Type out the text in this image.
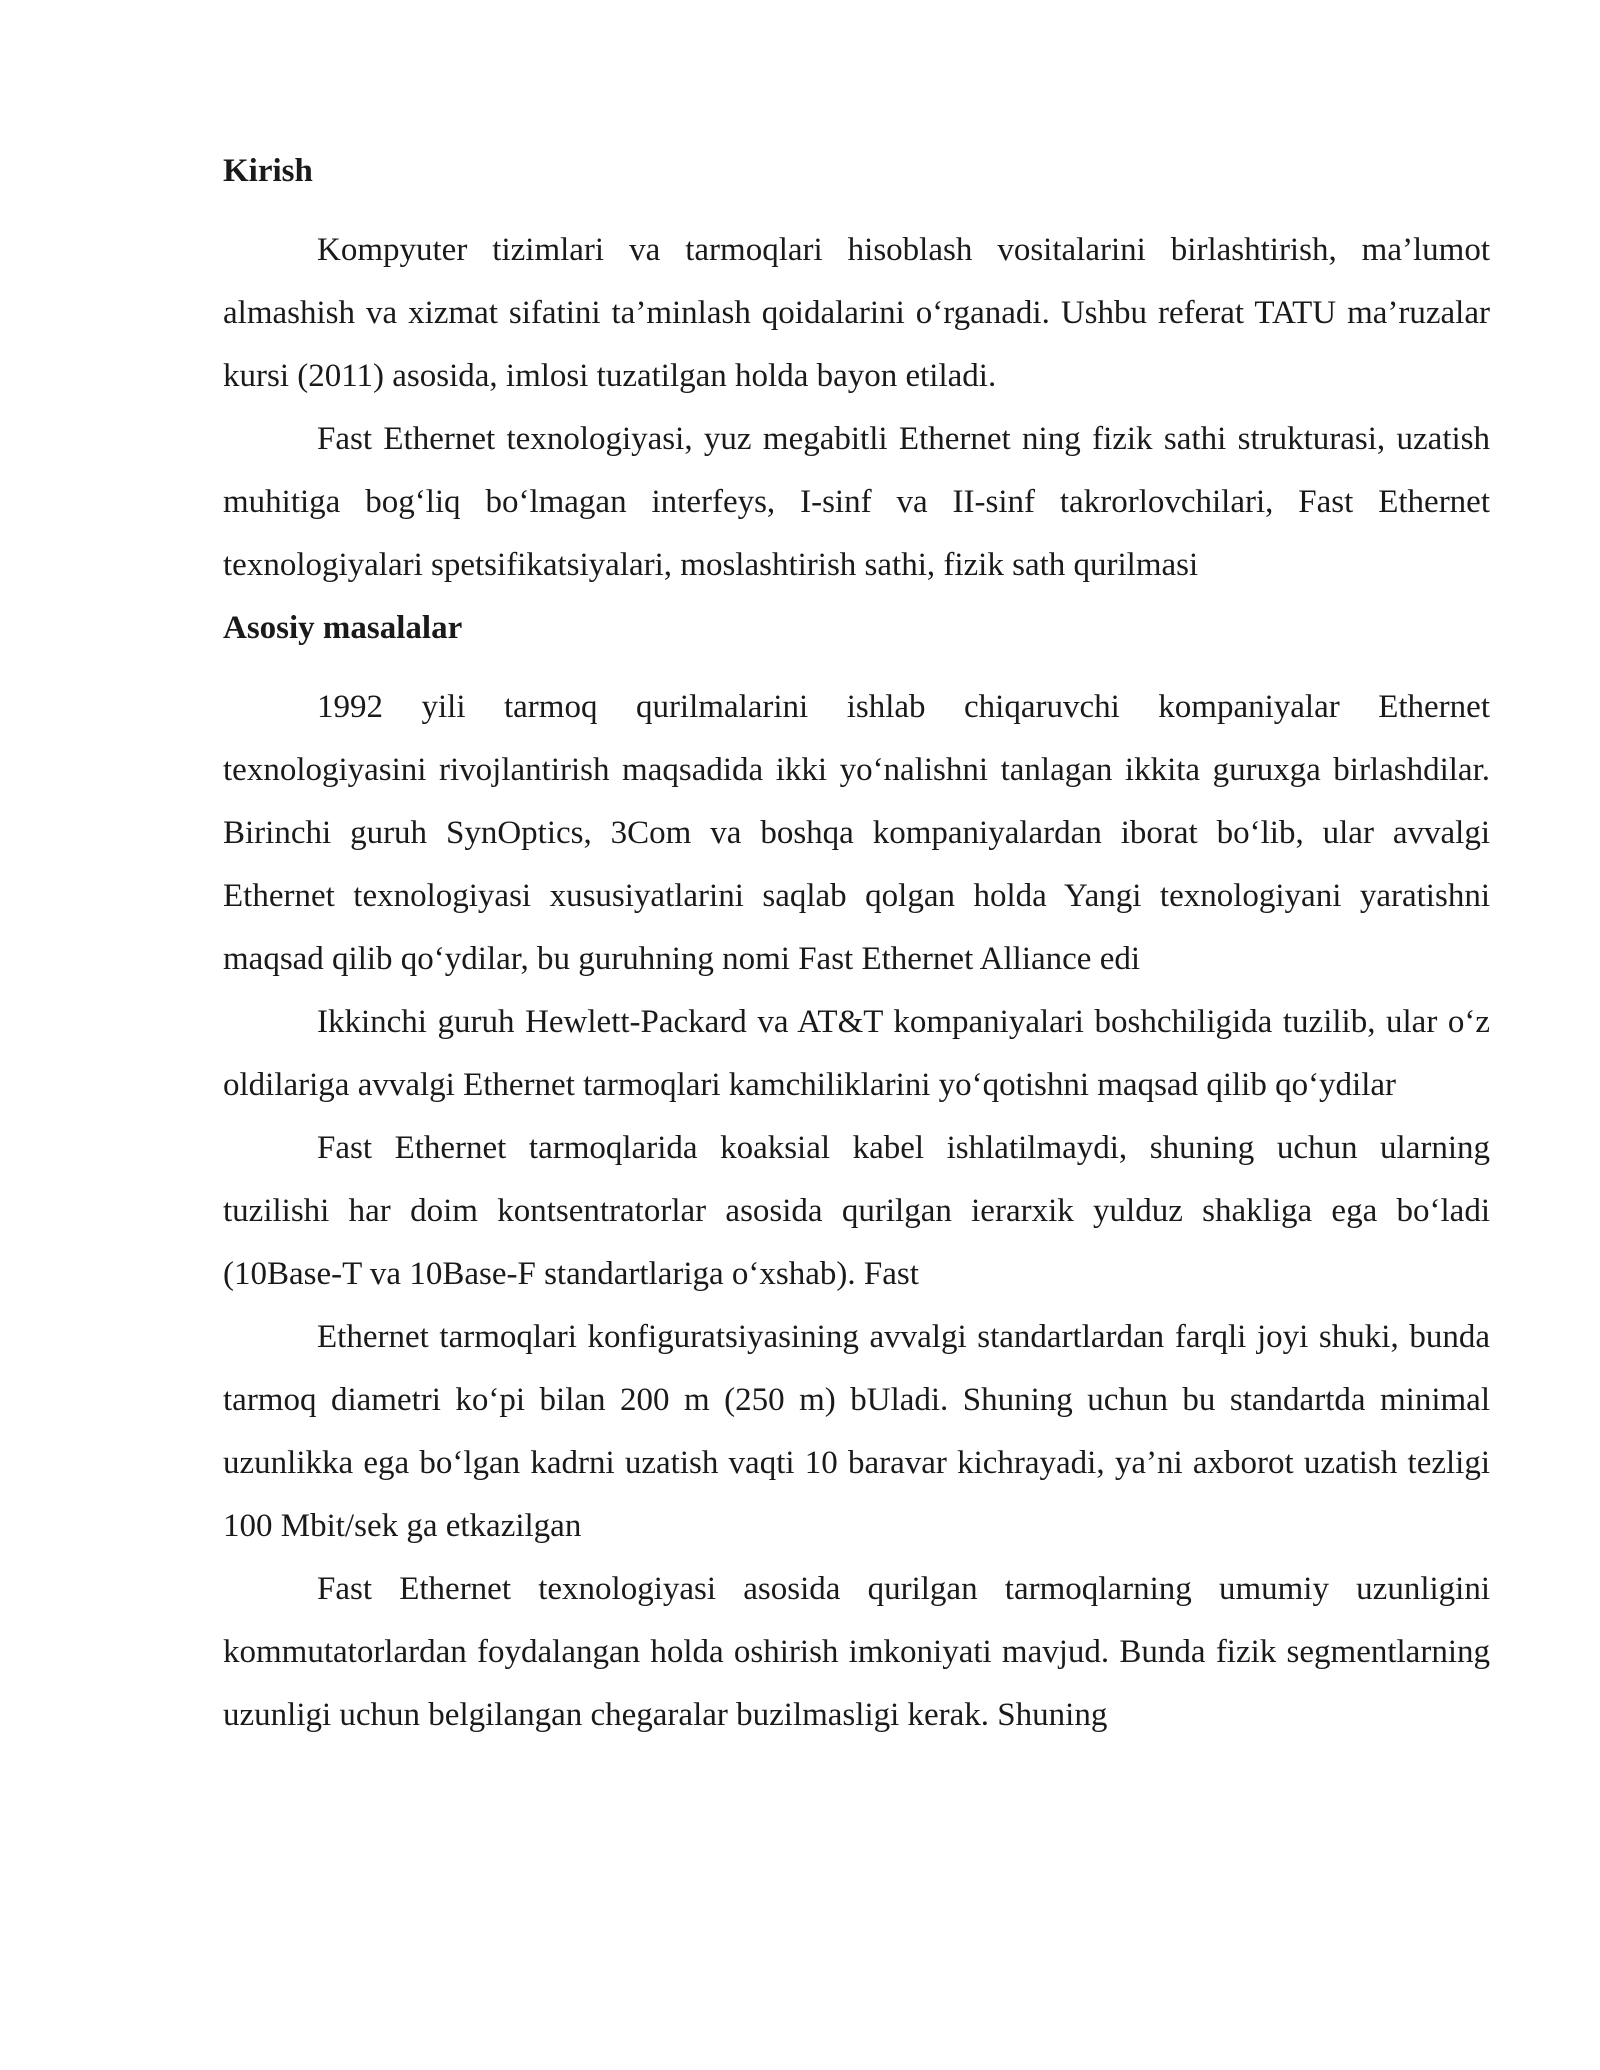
Kirish

Kompyuter tizimlari va tarmoqlari hisoblash vositalarini birlashtirish, ma’lumot almashish va xizmat sifatini ta’minlash qoidalarini o‘rganadi. Ushbu referat TATU ma’ruzalar kursi (2011) asosida, imlosi tuzatilgan holda bayon etiladi.

Fast Ethernet texnologiyasi, yuz megabitli Ethernet ning fizik sathi strukturasi, uzatish muhitiga bog‘liq bo‘lmagan interfeys, I-sinf va II-sinf takrorlovchilari, Fast Ethernet texnologiyalari spetsifikatsiyalari, moslashtirish sathi, fizik sath qurilmasi

Asosiy masalalar

1992 yili tarmoq qurilmalarini ishlab chiqaruvchi kompaniyalar Ethernet texnologiyasini rivojlantirish maqsadida ikki yo‘nalishni tanlagan ikkita guruxga birlashdilar. Birinchi guruh SynOptics, 3Com va boshqa kompaniyalardan iborat bo‘lib, ular avvalgi Ethernet texnologiyasi xususiyatlarini saqlab qolgan holda Yangi texnologiyani yaratishni maqsad qilib qo‘ydilar, bu guruhning nomi Fast Ethernet Alliance edi

Ikkinchi guruh Hewlett-Packard va AT&T kompaniyalari boshchiligida tuzilib, ular o‘z oldilariga avvalgi Ethernet tarmoqlari kamchiliklarini yo‘qotishni maqsad qilib qo‘ydilar

Fast Ethernet tarmoqlarida koaksial kabel ishlatilmaydi, shuning uchun ularning tuzilishi har doim kontsentratorlar asosida qurilgan ierarxik yulduz shakliga ega bo‘ladi (10Base-T va 10Base-F standartlariga o‘xshab). Fast

Ethernet tarmoqlari konfiguratsiyasining avvalgi standartlardan farqli joyi shuki, bunda tarmoq diametri ko‘pi bilan 200 m (250 m) bUladi. Shuning uchun bu standartda minimal uzunlikka ega bo‘lgan kadrni uzatish vaqti 10 baravar kichrayadi, ya’ni axborot uzatish tezligi 100 Mbit/sek ga etkazilgan

Fast Ethernet texnologiyasi asosida qurilgan tarmoqlarning umumiy uzunligini kommutatorlardan foydalangan holda oshirish imkoniyati mavjud. Bunda fizik segmentlarning uzunligi uchun belgilangan chegaralar buzilmasligi kerak. Shuning
